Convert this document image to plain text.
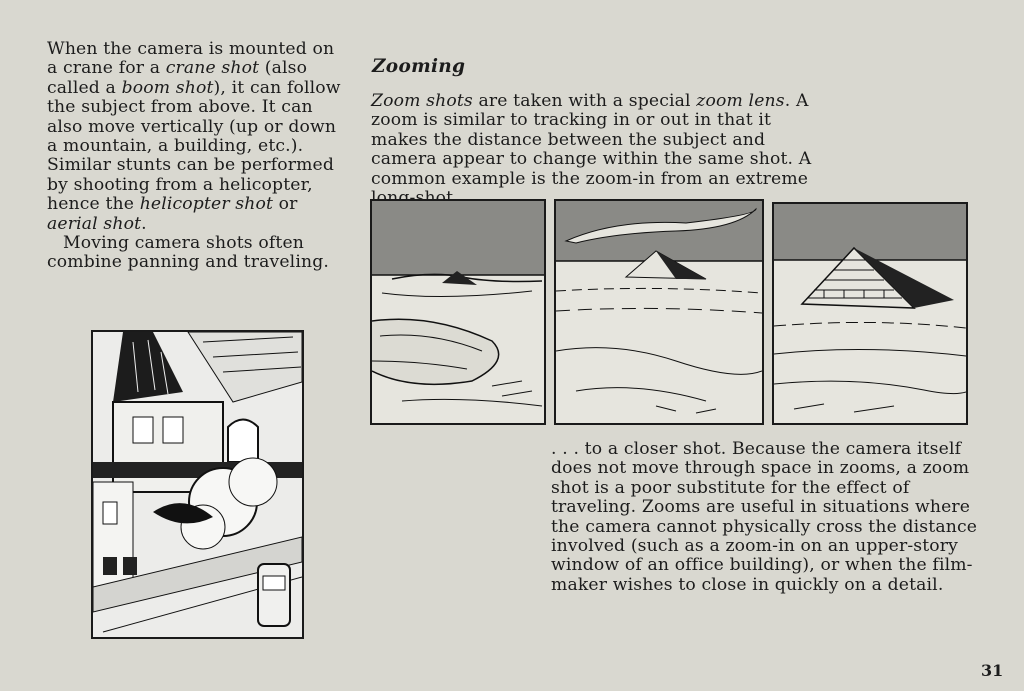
When the camera is mounted on a crane for a crane shot (also called a boom shot), it can follow the subject from above. It can also move vertically (up or down a mountain, a building, etc.). Similar stunts can be performed by shooting from a helicopter, hence the helicopter shot or aerial shot.

Moving camera shots often combine panning and traveling.

Zooming

Zoom shots are taken with a special zoom lens. A zoom is similar to tracking in or out in that it makes the distance between the subject and camera appear to change within the same shot. A common example is the zoom-in from an extreme

. . . to a closer shot. Because the camera itself does not move through space in zooms, a zoom shot is a poor substitute for the effect of traveling. Zooms are useful in situations where the camera cannot physically cross the distance involved (such as a zoom-in on an upper-story window of an office building), or when the film-maker wishes to close in quickly on a detail.

31
